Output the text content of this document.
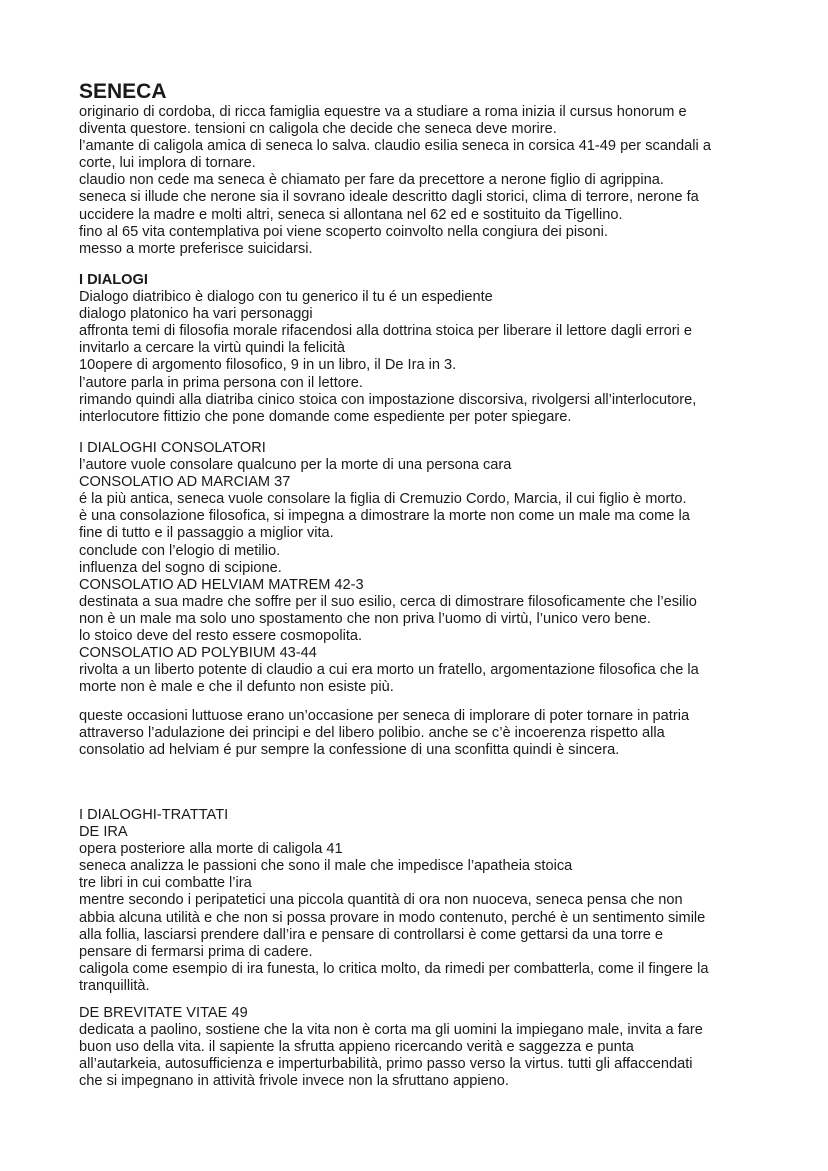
SENECA
originario di cordoba, di ricca famiglia equestre va a studiare a roma inizia il cursus honorum e
diventa questore. tensioni cn caligola che decide che seneca deve morire.
l’amante di caligola amica di seneca lo salva. claudio esilia seneca in corsica 41-49 per scandali a
corte, lui implora di tornare.
claudio non cede ma seneca è chiamato per fare da precettore a nerone figlio di agrippina.
seneca si illude che nerone sia il sovrano ideale descritto dagli storici, clima di terrore, nerone fa
uccidere la madre e molti altri, seneca si allontana nel 62 ed e sostituito da Tigellino.
fino al 65 vita contemplativa poi viene scoperto coinvolto nella congiura dei pisoni.
messo a morte preferisce suicidarsi.
I DIALOGI
Dialogo diatribico è dialogo con tu generico il tu é un espediente
dialogo platonico ha vari personaggi
affronta temi di filosofia morale rifacendosi alla dottrina stoica per liberare il lettore dagli errori e
invitarlo a cercare la virtù quindi la felicità
10opere di argomento filosofico, 9 in un libro, il De Ira in 3.
l’autore parla in prima persona con il lettore.
rimando quindi alla diatriba cinico stoica con impostazione discorsiva, rivolgersi all’interlocutore,
interlocutore fittizio che pone domande come espediente per poter spiegare.
I DIALOGHI CONSOLATORI
l’autore vuole consolare qualcuno per la morte di una persona cara
CONSOLATIO AD MARCIAM 37
é la più antica, seneca vuole consolare la figlia di Cremuzio Cordo, Marcia, il cui figlio è morto.
è una consolazione filosofica, si impegna a dimostrare la morte non come un male ma come la
fine di tutto e il passaggio a miglior vita.
conclude con l’elogio di metilio.
influenza del sogno di scipione.
CONSOLATIO AD HELVIAM MATREM 42-3
destinata a sua madre che soffre per il suo esilio, cerca di dimostrare filosoficamente che l’esilio
non è un male ma solo uno spostamento che non priva l’uomo di virtù, l’unico vero bene.
lo stoico deve del resto essere cosmopolita.
CONSOLATIO AD POLYBIUM 43-44
rivolta a un liberto potente di claudio a cui era morto un fratello, argomentazione filosofica che la
morte non è male e che il defunto non esiste più.
queste occasioni luttuose erano un’occasione per seneca di implorare di poter tornare in patria
attraverso l’adulazione dei principi e del libero polibio. anche se c’è incoerenza rispetto alla
consolatio ad helviam é pur sempre la confessione di una sconfitta quindi è sincera.
I DIALOGHI-TRATTATI
DE IRA
opera posteriore alla morte di caligola 41
seneca analizza le passioni che sono il male che impedisce l’apatheia stoica
tre libri in cui combatte l’ira
mentre secondo i peripatetici una piccola quantità di ora non nuoceva, seneca pensa che non
abbia alcuna utilità e che non si possa provare in modo contenuto, perché è un sentimento simile
alla follia, lasciarsi prendere dall’ira e pensare di controllarsi è come gettarsi da una torre e
pensare di fermarsi prima di cadere.
caligola come esempio di ira funesta, lo critica molto, da rimedi per combatterla, come il fingere la
tranquillità.
DE BREVITATE VITAE 49
dedicata a paolino, sostiene che la vita non è corta ma gli uomini la impiegano male, invita a fare
buon uso della vita. il sapiente la sfrutta appieno ricercando verità e saggezza e punta
all’autarkeia, autosufficienza e imperturbabilità, primo passo verso la virtus. tutti gli affaccendati
che si impegnano in attività frivole invece non la sfruttano appieno.
